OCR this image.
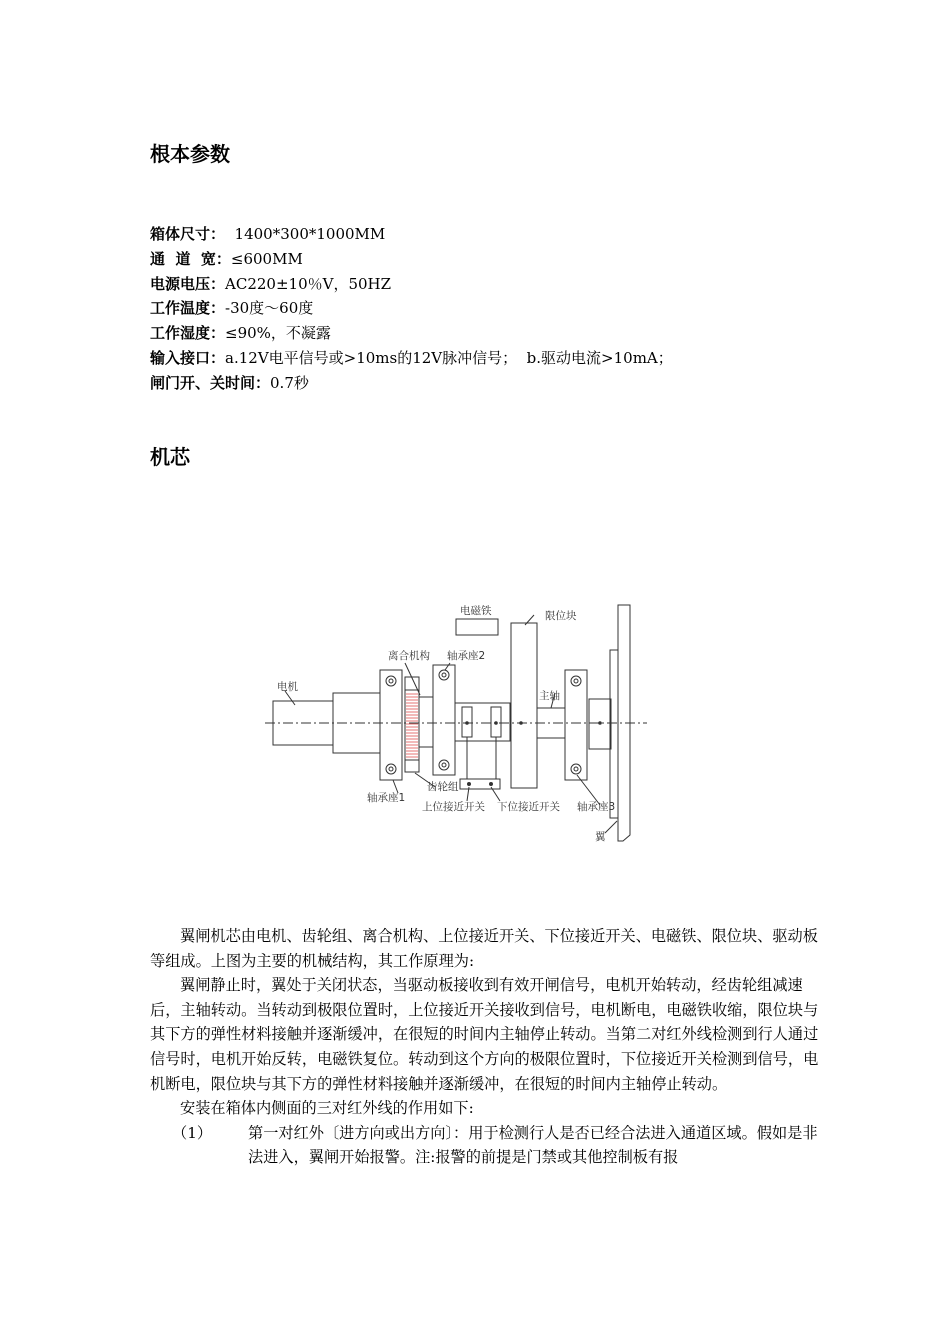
根本参数
箱体尺寸：  1400*300*1000MM
通  道  宽：≤600MM
电源电压：AC220±10％V，50HZ
工作温度：-30度～60度
工作湿度：≤90%，不凝露
输入接口：a.12V电平信号或>10ms的12V脉冲信号；  b.驱动电流>10mA；
闸门开、关时间：0.7秒
机芯
电磁铁	限位块
离合机构 轴承座2
电机
主轴
齿轮组
轴承座1
上位接近开关 下位接近开关 轴承座3
翼

翼闸机芯由电机、齿轮组、离合机构、上位接近开关、下位接近开关、电磁铁、限位块、驱动板等组成。上图为主要的机械结构，其工作原理为:

翼闸静止时，翼处于关闭状态，当驱动板接收到有效开闸信号，电机开始转动，经齿轮组减速后，主轴转动。当转动到极限位置时，上位接近开关接收到信号，电机断电，电磁铁收缩，限位块与其下方的弹性材料接触并逐渐缓冲，在很短的时间内主轴停止转动。当第二对红外线检测到行人通过信号时，电机开始反转，电磁铁复位。转动到这个方向的极限位置时，下位接近开关检测到信号，电机断电，限位块与其下方的弹性材料接触并逐渐缓冲，在很短的时间内主轴停止转动。

安装在箱体内侧面的三对红外线的作用如下:

（1） 第一对红外〔进方向或出方向〕：用于检测行人是否已经合法进入通道区域。假如是非法进入，翼闸开始报警。注:报警的前提是门禁或其他控制板有报
